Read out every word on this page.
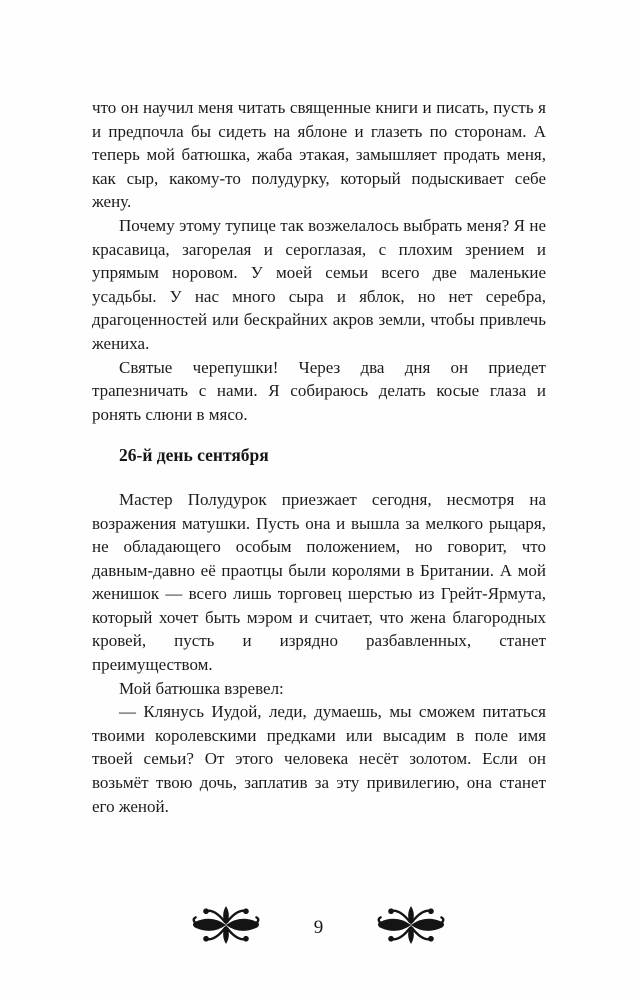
что он научил меня читать священные книги и писать, пусть я и предпочла бы сидеть на яблоне и глазеть по сторонам. А теперь мой батюшка, жаба этакая, замышляет продать меня, как сыр, какому-то полудурку, который подыскивает себе жену.

Почему этому тупице так возжелалось выбрать меня? Я не красавица, загорелая и сероглазая, с плохим зрением и упрямым норовом. У моей семьи всего две маленькие усадьбы. У нас много сыра и яблок, но нет серебра, драгоценностей или бескрайних акров земли, чтобы привлечь жениха.

Святые черепушки! Через два дня он приедет трапезничать с нами. Я собираюсь делать косые глаза и ронять слюни в мясо.

26-й день сентября

Мастер Полудурок приезжает сегодня, несмотря на возражения матушки. Пусть она и вышла за мелкого рыцаря, не обладающего особым положением, но говорит, что давным-давно её праотцы были королями в Британии. А мой женишок — всего лишь торговец шерстью из Грейт-Ярмута, который хочет быть мэром и считает, что жена благородных кровей, пусть и изрядно разбавленных, станет преимуществом.

Мой батюшка взревел:

— Клянусь Иудой, леди, думаешь, мы сможем питаться твоими королевскими предками или высадим в поле имя твоей семьи? От этого человека несёт золотом. Если он возьмёт твою дочь, заплатив за эту привилегию, она станет его женой.

9
